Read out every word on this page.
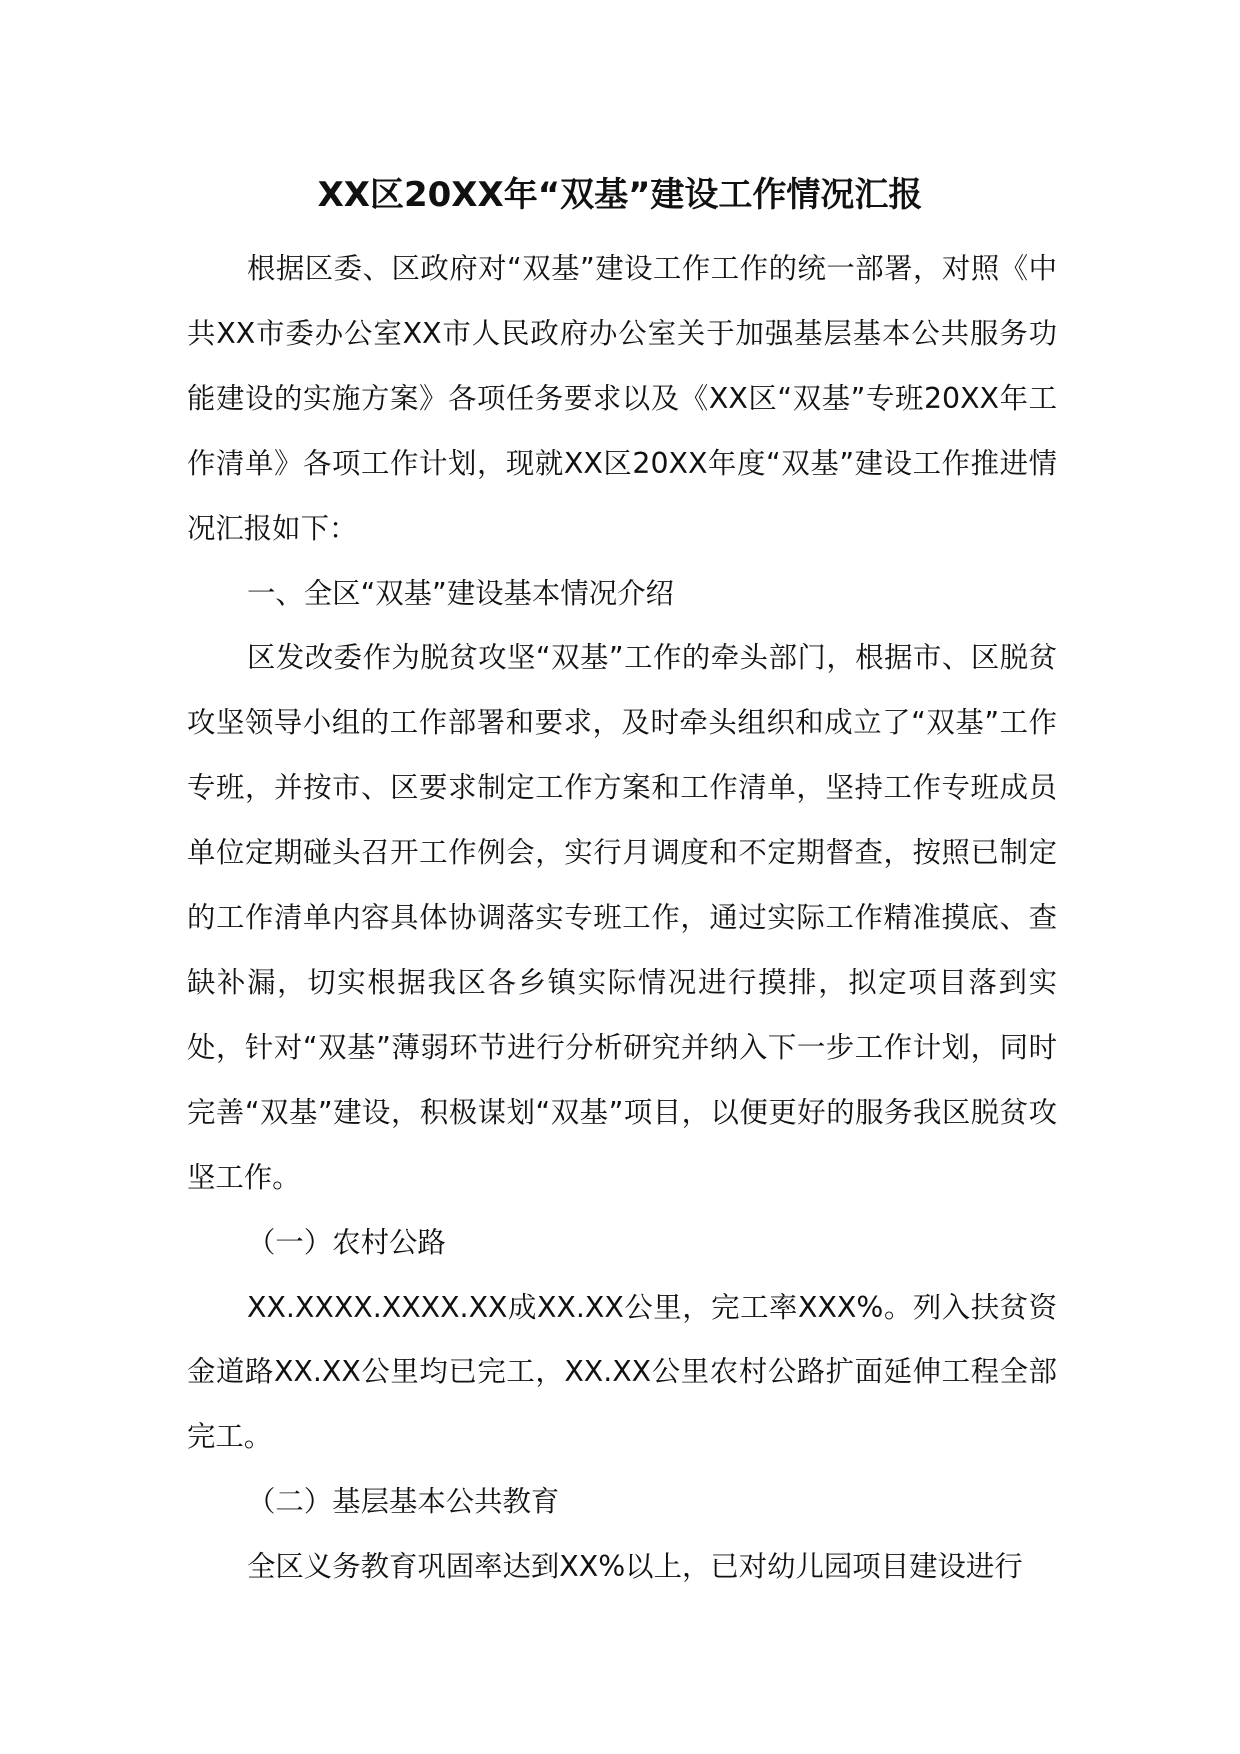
XX区20XX年“双基”建设工作情况汇报

根据区委、区政府对“双基”建设工作工作的统一部署，对照《中共XX市委办公室XX市人民政府办公室关于加强基层基本公共服务功能建设的实施方案》各项任务要求以及《XX区“双基”专班20XX年工作清单》各项工作计划，现就XX区20XX年度“双基”建设工作推进情况汇报如下：

一、全区“双基”建设基本情况介绍

区发改委作为脱贫攻坚“双基”工作的牵头部门，根据市、区脱贫攻坚领导小组的工作部署和要求，及时牵头组织和成立了“双基”工作专班，并按市、区要求制定工作方案和工作清单，坚持工作专班成员单位定期碰头召开工作例会，实行月调度和不定期督查，按照已制定的工作清单内容具体协调落实专班工作，通过实际工作精准摸底、查缺补漏，切实根据我区各乡镇实际情况进行摸排，拟定项目落到实处，针对“双基”薄弱环节进行分析研究并纳入下一步工作计划，同时完善“双基”建设，积极谋划“双基”项目，以便更好的服务我区脱贫攻坚工作。

（一）农村公路

XX.XXXX.XXXX.XX成XX.XX公里，完工率XXX%。列入扶贫资金道路XX.XX公里均已完工，XX.XX公里农村公路扩面延伸工程全部完工。

（二）基层基本公共教育

全区义务教育巩固率达到XX%以上，已对幼儿园项目建设进行
